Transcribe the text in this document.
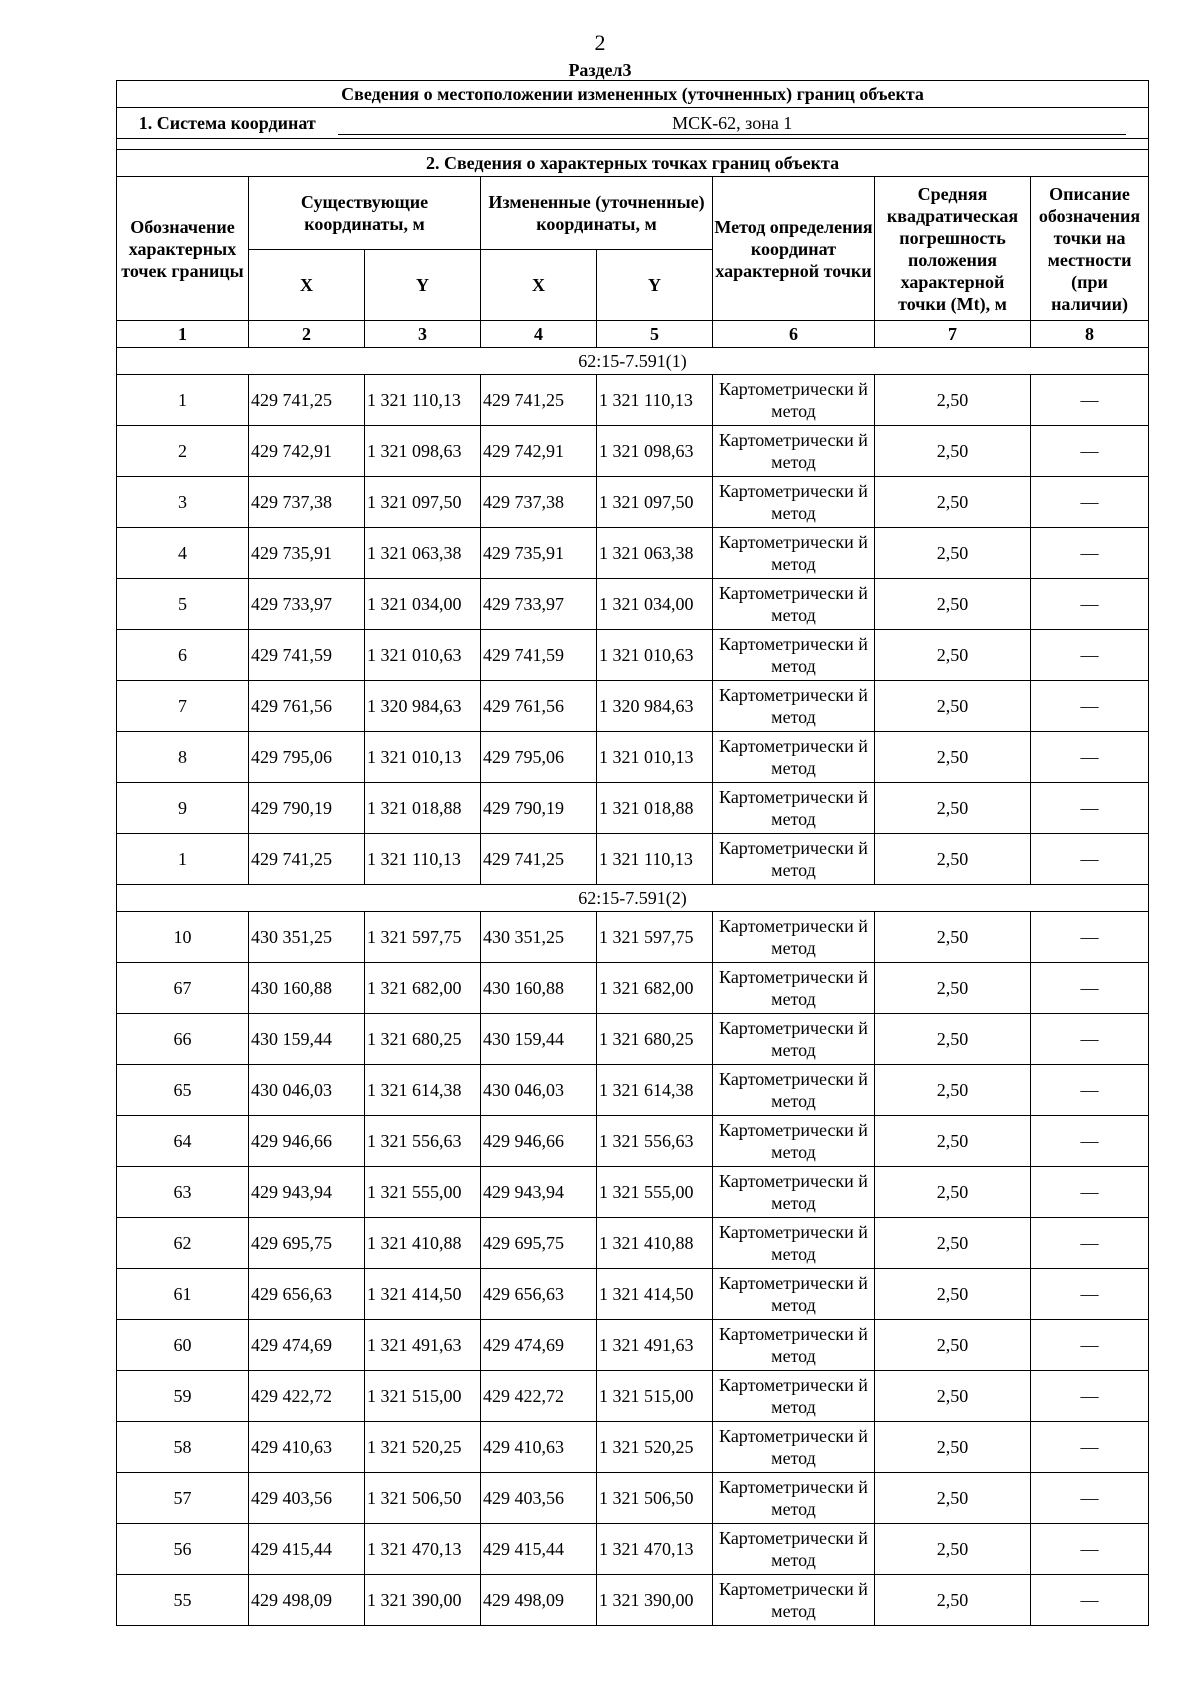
2
Раздел3
Сведения о местоположении измененных (уточненных) границ объекта							
1. Система координат МСК-62, зона 1							

2. Сведения о характерных точках границ объекта							
Обозначение характерных точек границы	Существующие координаты, м		Измененные (уточненные) координаты, м		Метод определения координат характерной точки	Средняя квадратическая погрешность положения характерной точки (Mt), м	Описание обозначения точки на местности (при наличии)
	X	Y	X	Y			
1	2	3	4	5	6	7	8
62:15-7.591(1)							
1	429 741,25	1 321 110,13	429 741,25	1 321 110,13	Картометрически й метод	2,50	—
2	429 742,91	1 321 098,63	429 742,91	1 321 098,63	Картометрически й метод	2,50	—
3	429 737,38	1 321 097,50	429 737,38	1 321 097,50	Картометрически й метод	2,50	—
4	429 735,91	1 321 063,38	429 735,91	1 321 063,38	Картометрически й метод	2,50	—
5	429 733,97	1 321 034,00	429 733,97	1 321 034,00	Картометрически й метод	2,50	—
6	429 741,59	1 321 010,63	429 741,59	1 321 010,63	Картометрически й метод	2,50	—
7	429 761,56	1 320 984,63	429 761,56	1 320 984,63	Картометрически й метод	2,50	—
8	429 795,06	1 321 010,13	429 795,06	1 321 010,13	Картометрически й метод	2,50	—
9	429 790,19	1 321 018,88	429 790,19	1 321 018,88	Картометрически й метод	2,50	—
1	429 741,25	1 321 110,13	429 741,25	1 321 110,13	Картометрически й метод	2,50	—
62:15-7.591(2)							
10	430 351,25	1 321 597,75	430 351,25	1 321 597,75	Картометрически й метод	2,50	—
67	430 160,88	1 321 682,00	430 160,88	1 321 682,00	Картометрически й метод	2,50	—
66	430 159,44	1 321 680,25	430 159,44	1 321 680,25	Картометрически й метод	2,50	—
65	430 046,03	1 321 614,38	430 046,03	1 321 614,38	Картометрически й метод	2,50	—
64	429 946,66	1 321 556,63	429 946,66	1 321 556,63	Картометрически й метод	2,50	—
63	429 943,94	1 321 555,00	429 943,94	1 321 555,00	Картометрически й метод	2,50	—
62	429 695,75	1 321 410,88	429 695,75	1 321 410,88	Картометрически й метод	2,50	—
61	429 656,63	1 321 414,50	429 656,63	1 321 414,50	Картометрически й метод	2,50	—
60	429 474,69	1 321 491,63	429 474,69	1 321 491,63	Картометрически й метод	2,50	—
59	429 422,72	1 321 515,00	429 422,72	1 321 515,00	Картометрически й метод	2,50	—
58	429 410,63	1 321 520,25	429 410,63	1 321 520,25	Картометрически й метод	2,50	—
57	429 403,56	1 321 506,50	429 403,56	1 321 506,50	Картометрически й метод	2,50	—
56	429 415,44	1 321 470,13	429 415,44	1 321 470,13	Картометрически й метод	2,50	—
55	429 498,09	1 321 390,00	429 498,09	1 321 390,00	Картометрически й метод	2,50	—
